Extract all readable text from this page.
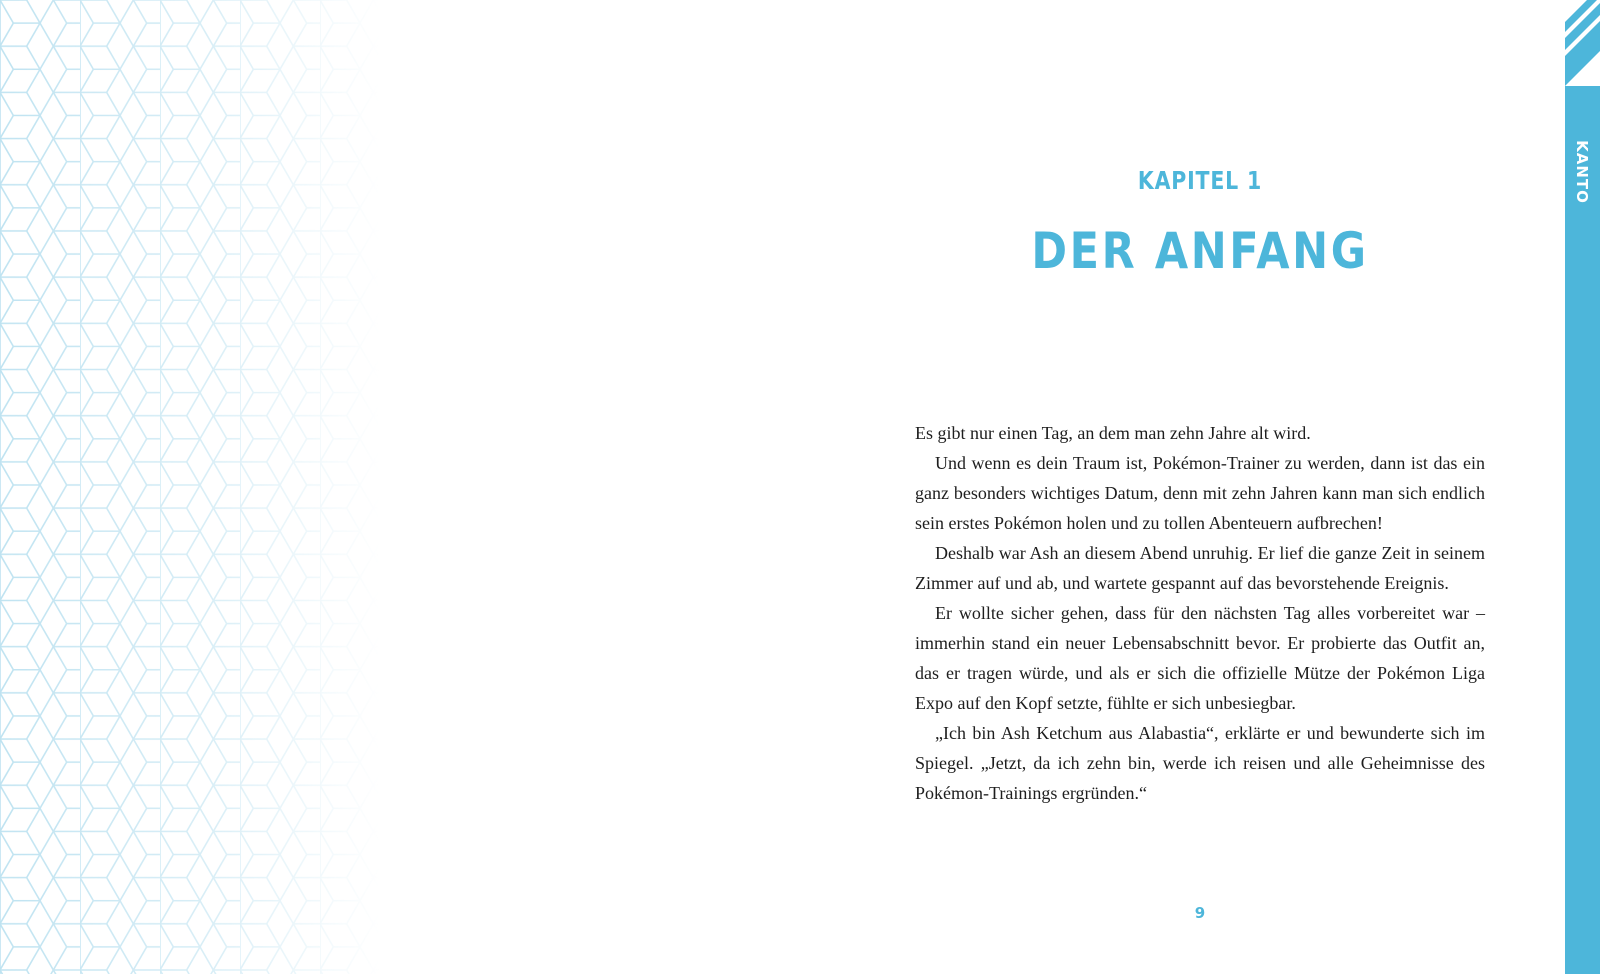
KAPITEL 1
DER ANFANG

Es gibt nur einen Tag, an dem man zehn Jahre alt wird.

Und wenn es dein Traum ist, Pokémon-Trainer zu werden, dann ist das ein ganz besonders wichtiges Datum, denn mit zehn Jahren kann man sich endlich sein erstes Pokémon holen und zu tollen Abenteuern aufbrechen!

Deshalb war Ash an diesem Abend unruhig. Er lief die ganze Zeit in seinem Zimmer auf und ab, und wartete gespannt auf das bevorstehende Ereignis.

Er wollte sicher gehen, dass für den nächsten Tag alles vorbereitet war – immerhin stand ein neuer Lebensabschnitt bevor. Er probierte das Outfit an, das er tragen würde, und als er sich die offizielle Mütze der Pokémon Liga Expo auf den Kopf setzte, fühlte er sich unbesiegbar.

„Ich bin Ash Ketchum aus Alabastia“, erklärte er und bewunderte sich im Spiegel. „Jetzt, da ich zehn bin, werde ich reisen und alle Geheimnisse des Pokémon-Trainings ergründen.“

9
KANTO
